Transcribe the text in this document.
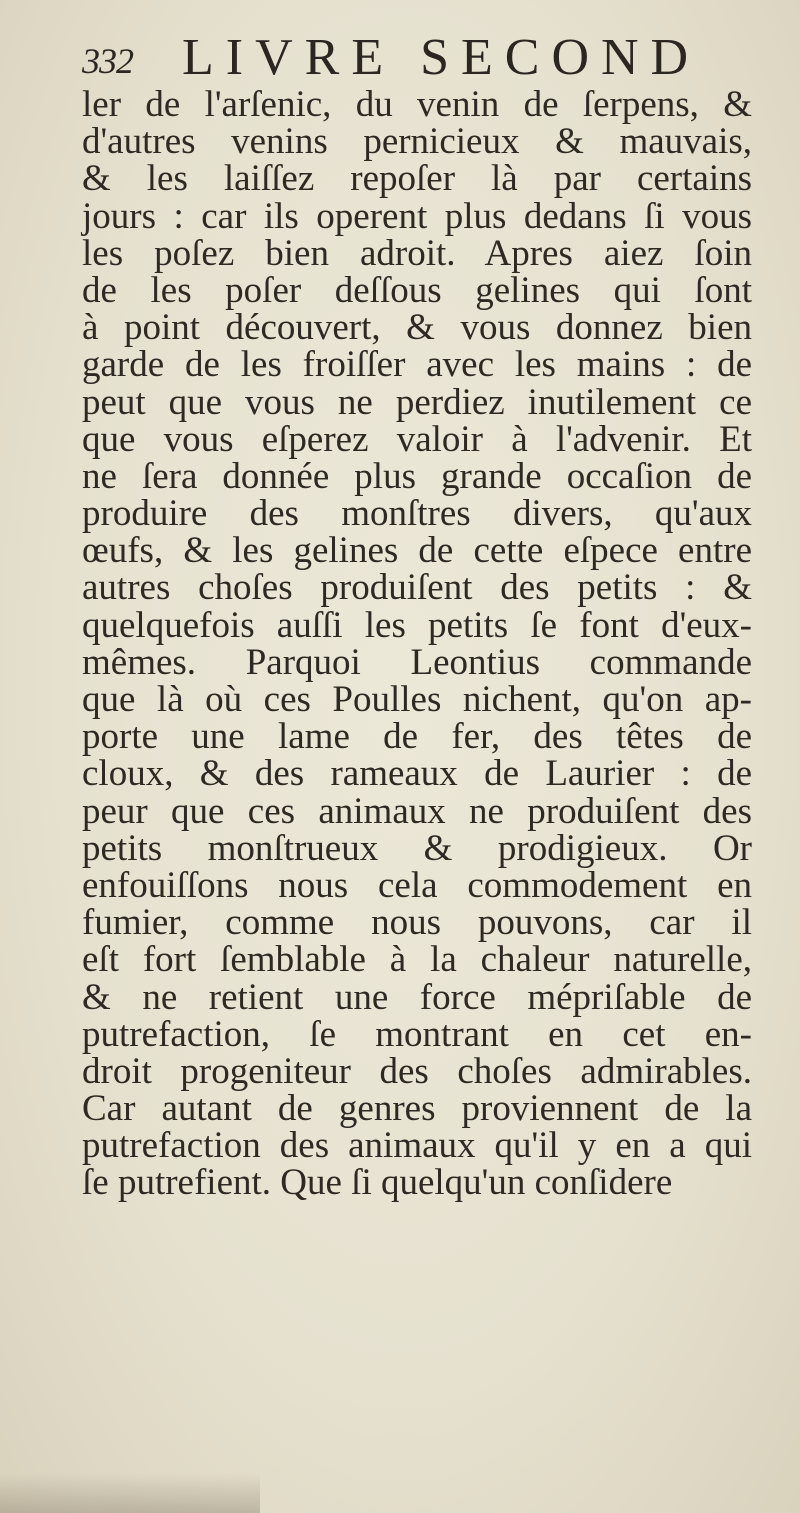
332 LIVRE SECOND
ler de l'arſenic, du venin de ſerpens, &
d'autres venins pernicieux & mauvais,
& les laiſſez repoſer là par certains
jours : car ils operent plus dedans ſi vous
les poſez bien adroit. Apres aiez ſoin
de les poſer deſſous gelines qui ſont
à point découvert, & vous donnez bien
garde de les froiſſer avec les mains : de
peut que vous ne perdiez inutilement ce
que vous eſperez valoir à l'advenir. Et
ne ſera donnée plus grande occaſion de
produire des monſtres divers, qu'aux
œufs, & les gelines de cette eſpece entre
autres choſes produiſent des petits : &
quelquefois auſſi les petits ſe font d'eux-
mêmes. Parquoi Leontius commande
que là où ces Poulles nichent, qu'on ap-
porte une lame de fer, des têtes de
cloux, & des rameaux de Laurier : de
peur que ces animaux ne produiſent des
petits monſtrueux & prodigieux. Or
enfouiſſons nous cela commodement en
fumier, comme nous pouvons, car il
eſt fort ſemblable à la chaleur naturelle,
& ne retient une force mépriſable de
putrefaction, ſe montrant en cet en-
droit progeniteur des choſes admirables.
Car autant de genres proviennent de la
putrefaction des animaux qu'il y en a qui
ſe putrefient. Que ſi quelqu'un conſidere
